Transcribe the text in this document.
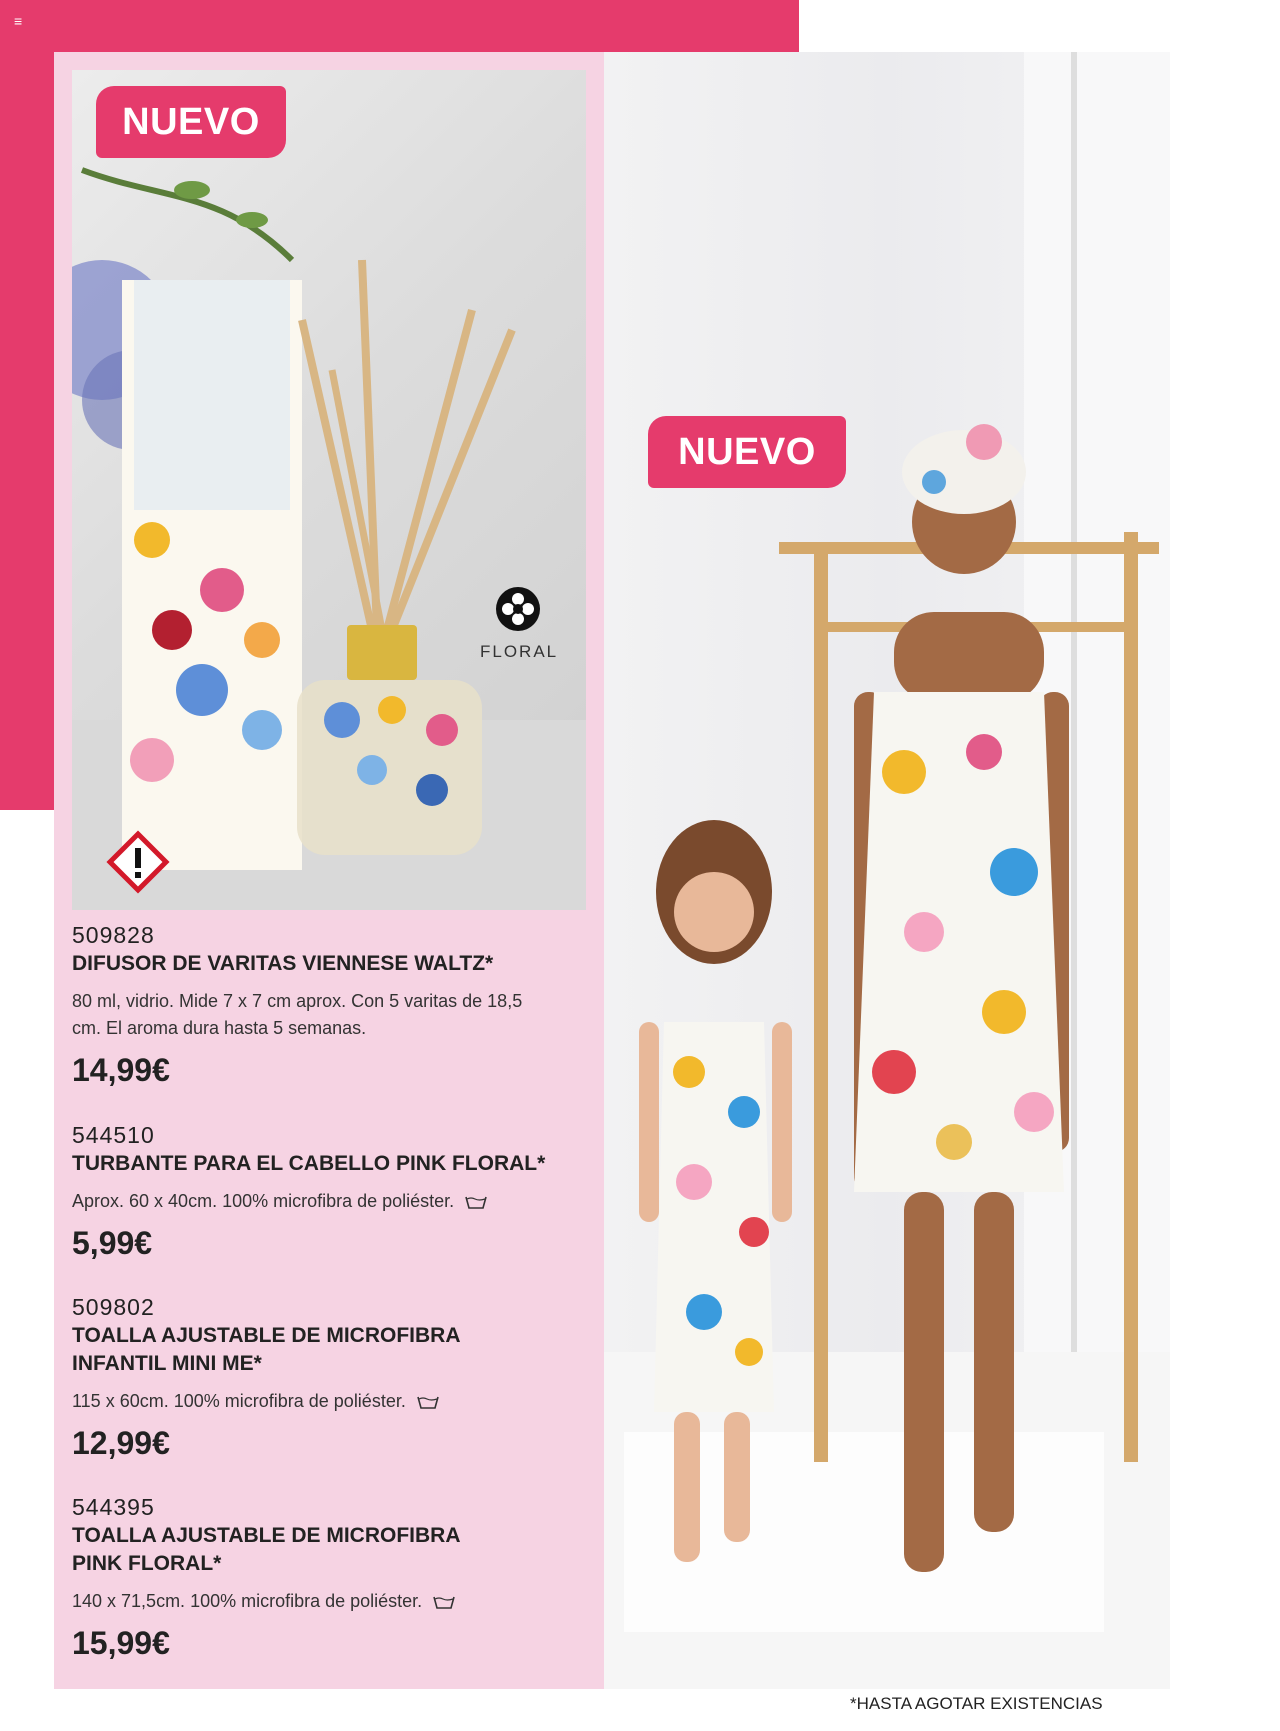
≡
NUEVO
FLORAL
509828
DIFUSOR DE VARITAS VIENNESE WALTZ*
80 ml, vidrio. Mide 7 x 7 cm aprox. Con 5 varitas de 18,5 cm. El aroma dura hasta 5 semanas.
14,99€
544510
TURBANTE PARA EL CABELLO PINK FLORAL*
Aprox. 60 x 40cm. 100% microfibra de poliéster.
5,99€
509802
TOALLA AJUSTABLE DE MICROFIBRA INFANTIL MINI ME*
115 x 60cm. 100% microfibra de poliéster.
12,99€
544395
TOALLA AJUSTABLE DE MICROFIBRA PINK FLORAL*
140 x 71,5cm. 100% microfibra de poliéster.
15,99€
NUEVO
*HASTA AGOTAR EXISTENCIAS
